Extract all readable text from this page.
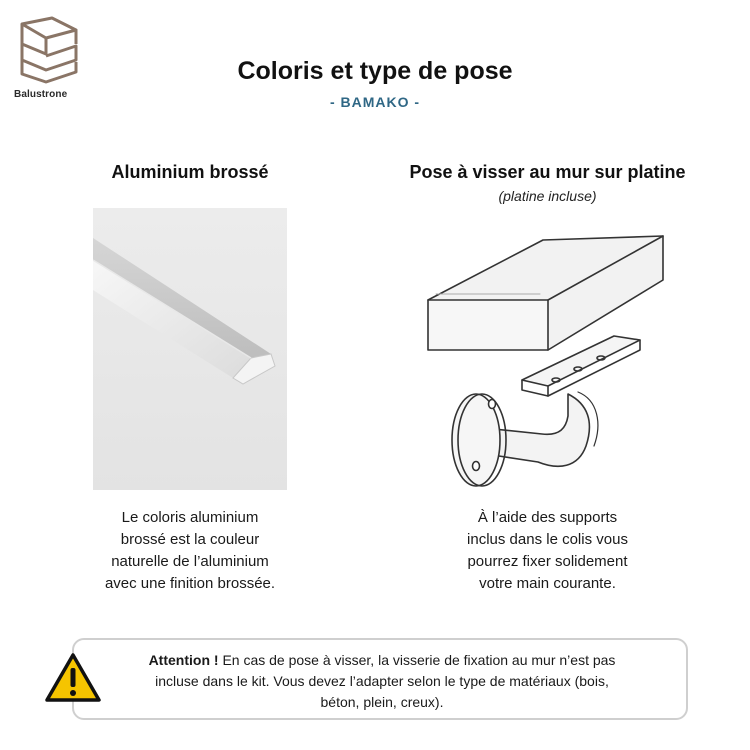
Balustrone
Coloris et type de pose
- BAMAKO -
Aluminium brossé	Pose à visser au mur sur platine
(platine incluse)
Le coloris aluminium
brossé est la couleur
naturelle de l’aluminium
avec une finition brossée.
À l’aide des supports
inclus dans le colis vous
pourrez fixer solidement
votre main courante.
Attention ! En cas de pose à visser, la visserie de fixation au mur n’est pas
incluse dans le kit. Vous devez l’adapter selon le type de matériaux (bois,
béton, plein, creux).
